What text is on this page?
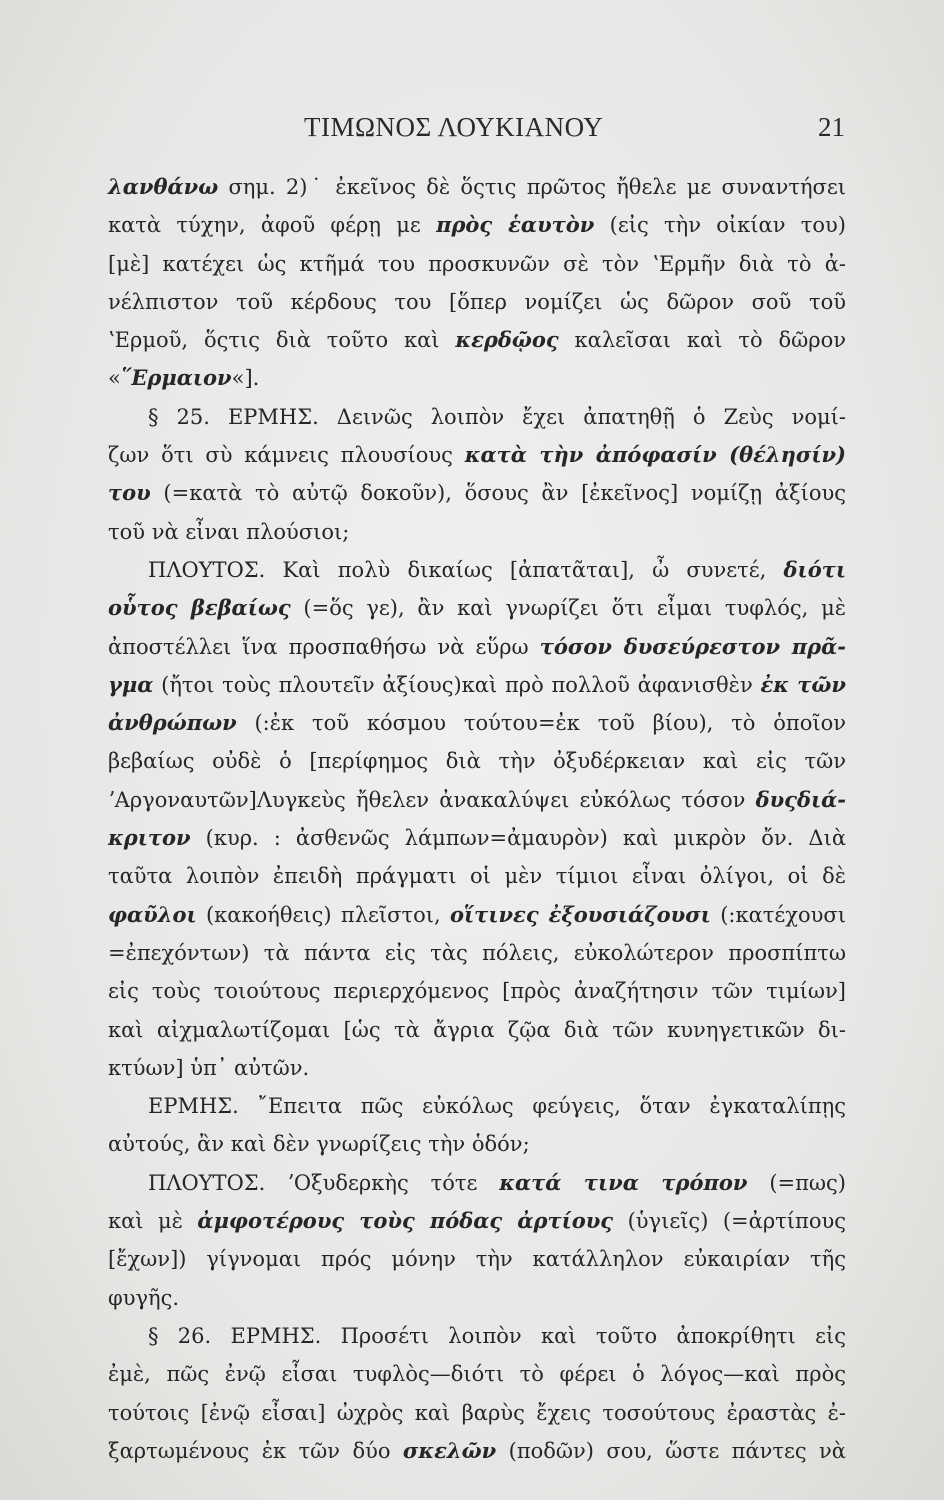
ΤΙΜΩΝΟΣ ΛΟΥΚΙΑΝΟΥ	21
λανθάνω σημ. 2)˙ ἐκεῖνος δὲ ὅςτις πρῶτος ἤθελε με συναντήσει
κατὰ τύχην, ἀφοῦ φέρῃ με πρὸς ἑαυτὸν (εἰς τὴν οἰκίαν του)
[μὲ] κατέχει ὡς κτῆμά του προσκυνῶν σὲ τὸν ʽΕρμῆν διὰ τὸ ἀ-
νέλπιστον τοῦ κέρδους του [ὅπερ νομίζει ὡς δῶρον σοῦ τοῦ
ʽΕρμοῦ, ὅςτις διὰ τοῦτο καὶ κερδῷος καλεῖσαι καὶ τὸ δῶρον
«῞Ερμαιον«].
§ 25. ΕΡΜΗΣ. Δεινῶς λοιπὸν ἔχει ἀπατηθῇ ὁ Ζεὺς νομί-
ζων ὅτι σὺ κάμνεις πλουσίους κατὰ τὴν ἀπόφασίν (θέλησίν)
του (=κατὰ τὸ αὐτῷ δοκοῦν), ὅσους ἂν [ἐκεῖνος] νομίζῃ ἀξίους
τοῦ νὰ εἶναι πλούσιοι;
ΠΛΟΥΤΟΣ. Καὶ πολὺ δικαίως [ἀπατᾶται], ὦ συνετέ, διότι
οὗτος βεβαίως (=ὅς γε), ἂν καὶ γνωρίζει ὅτι εἶμαι τυφλός, μὲ
ἀποστέλλει ἵνα προσπαθήσω νὰ εὕρω τόσον δυσεύρεστον πρᾶ-
γμα (ἤτοι τοὺς πλουτεῖν ἀξίους)καὶ πρὸ πολλοῦ ἀφανισθὲν ἐκ τῶν
ἀνθρώπων (:ἐκ τοῦ κόσμου τούτου=ἐκ τοῦ βίου), τὸ ὁποῖον
βεβαίως οὐδὲ ὁ [περίφημος διὰ τὴν ὀξυδέρκειαν καὶ εἰς τῶν
ʼΑργοναυτῶν]Λυγκεὺς ἤθελεν ἀνακαλύψει εὐκόλως τόσον δυςδιά-
κριτον (κυρ. : ἀσθενῶς λάμπων=ἀμαυρὸν) καὶ μικρὸν ὄν. Διὰ
ταῦτα λοιπὸν ἐπειδὴ πράγματι οἱ μὲν τίμιοι εἶναι ὀλίγοι, οἱ δὲ
φαῦλοι (κακοήθεις) πλεῖστοι, οἵτινες ἐξουσιάζουσι (:κατέχουσι
=ἐπεχόντων) τὰ πάντα εἰς τὰς πόλεις, εὐκολώτερον προσπίπτω
εἰς τοὺς τοιούτους περιερχόμενος [πρὸς ἀναζήτησιν τῶν τιμίων]
καὶ αἰχμαλωτίζομαι [ὡς τὰ ἄγρια ζῷα διὰ τῶν κυνηγετικῶν δι-
κτύων] ὑπ᾽ αὐτῶν.
ΕΡΜΗΣ. ῎Επειτα πῶς εὐκόλως φεύγεις, ὅταν ἐγκαταλίπῃς
αὐτούς, ἂν καὶ δὲν γνωρίζεις τὴν ὁδόν;
ΠΛΟΥΤΟΣ. ʼΟξυδερκὴς τότε κατά τινα τρόπον (=πως)
καὶ μὲ ἀμφοτέρους τοὺς πόδας ἀρτίους (ὑγιεῖς) (=ἀρτίπους
[ἔχων]) γίγνομαι πρός μόνην τὴν κατάλληλον εὐκαιρίαν τῆς
φυγῆς.
§ 26. ΕΡΜΗΣ. Προσέτι λοιπὸν καὶ τοῦτο ἀποκρίθητι εἰς
ἐμὲ, πῶς ἐνῷ εἶσαι τυφλὸς—διότι τὸ φέρει ὁ λόγος—καὶ πρὸς
τούτοις [ἐνῷ εἶσαι] ὠχρὸς καὶ βαρὺς ἔχεις τοσούτους ἐραστὰς ἐ-
ξαρτωμένους ἐκ τῶν δύο σκελῶν (ποδῶν) σου, ὥστε πάντες νὰ
